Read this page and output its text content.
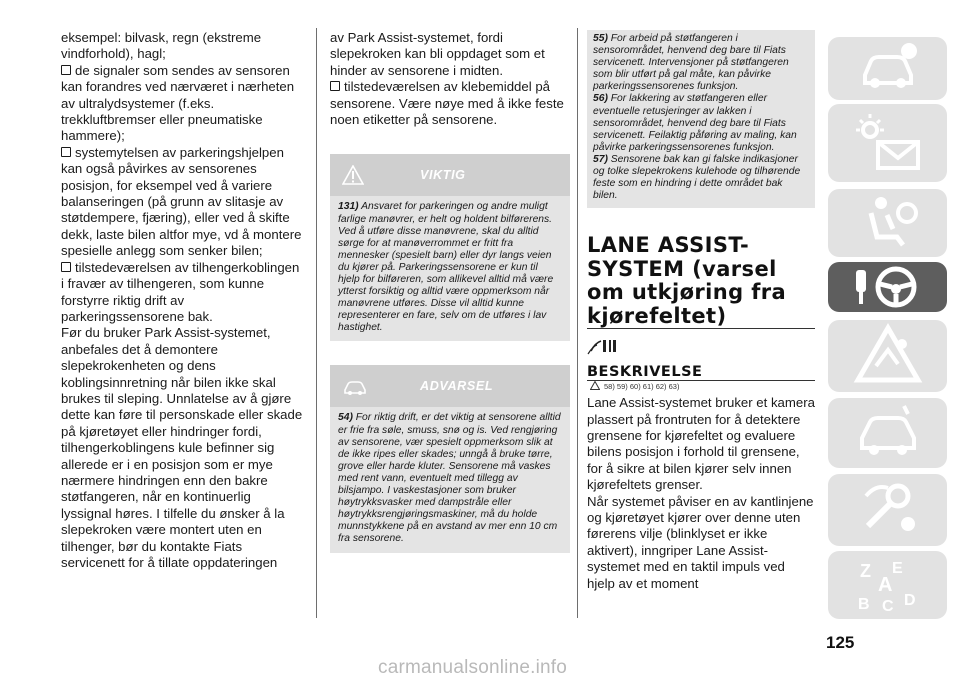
eksempel: bilvask, regn (ekstreme vindforhold), hagl;

de signaler som sendes av sensoren kan forandres ved nærværet i nærheten av ultralydsystemer (f.eks. trekkluftbremser eller pneumatiske hammere);

systemytelsen av parkeringshjelpen kan også påvirkes av sensorenes posisjon, for eksempel ved å variere balanseringen (på grunn av slitasje av støtdempere, fjæring), eller ved å skifte dekk, laste bilen altfor mye, vd å montere spesielle anlegg som senker bilen;

tilstedeværelsen av tilhengerkoblingen i fravær av tilhengeren, som kunne forstyrre riktig drift av parkeringssensorene bak.

Før du bruker Park Assist-systemet, anbefales det å demontere slepekrokenheten og dens koblingsinnretning når bilen ikke skal brukes til sleping. Unnlatelse av å gjøre dette kan føre til personskade eller skade på kjøretøyet eller hindringer fordi, tilhengerkoblingens kule befinner sig allerede er i en posisjon som er mye nærmere hindringen enn den bakre støtfangeren, når en kontinuerlig lyssignal høres. I tilfelle du ønsker å la slepekroken være montert uten en tilhenger, bør du kontakte Fiats servicenett for å tillate oppdateringen

av Park Assist-systemet, fordi slepekroken kan bli oppdaget som et hinder av sensorene i midten.

tilstedeværelsen av klebemiddel på sensorene. Være nøye med å ikke feste noen etiketter på sensorene.

VIKTIG
131) Ansvaret for parkeringen og andre muligt farlige manøvrer, er helt og holdent bilførerens. Ved å utføre disse manøvrene, skal du alltid sørge for at manøverrommet er fritt fra mennesker (spesielt barn) eller dyr langs veien du kjører på. Parkeringssensorene er kun til hjelp for bilføreren, som allikevel alltid må være ytterst forsiktig og alltid være oppmerksom når manøvrene utføres. Disse vil alltid kunne representerer en fare, selv om de utføres i lav hastighet.
ADVARSEL
54) For riktig drift, er det viktig at sensorene alltid er frie fra søle, smuss, snø og is. Ved rengjøring av sensorene, vær spesielt oppmerksom slik at de ikke ripes eller skades; unngå å bruke tørre, grove eller harde kluter. Sensorene må vaskes med rent vann, eventuelt med tillegg av bilsjampo. I vaskestasjoner som bruker høytrykksvasker med dampstråle eller høytrykksrengjøringsmaskiner, må du holde munnstykkene på en avstand av mer enn 10 cm fra sensorene.

55) For arbeid på støtfangeren i sensorområdet, henvend deg bare til Fiats servicenett. Intervensjoner på støtfangeren som blir utført på gal måte, kan påvirke parkeringssensorenes funksjon.

56) For lakkering av støtfangeren eller eventuelle retusjeringer av lakken i sensorområdet, henvend deg bare til Fiats servicenett. Feilaktig påføring av maling, kan påvirke parkeringssensorenes funksjon.

57) Sensorene bak kan gi falske indikasjoner og tolke slepekrokens kulehode og tilhørende feste som en hindring i dette området bak bilen.

LANE ASSIST-
SYSTEM (varsel
om utkjøring fra
kjørefeltet)
BESKRIVELSE
58) 59) 60) 61) 62) 63)

Lane Assist-systemet bruker et kamera plassert på frontruten for å detektere grensene for kjørefeltet og evaluere bilens posisjon i forhold til grensene, for å sikre at bilen kjører selv innen kjørefeltets grenser.

Når systemet påviser en av kantlinjene og kjøretøyet kjører over denne uten førerens vilje (blinklyset er ikke aktivert), inngriper Lane Assist-systemet med en taktil impuls ved hjelp av et moment

Z E
A
B C D
125
carmanualsonline.info
